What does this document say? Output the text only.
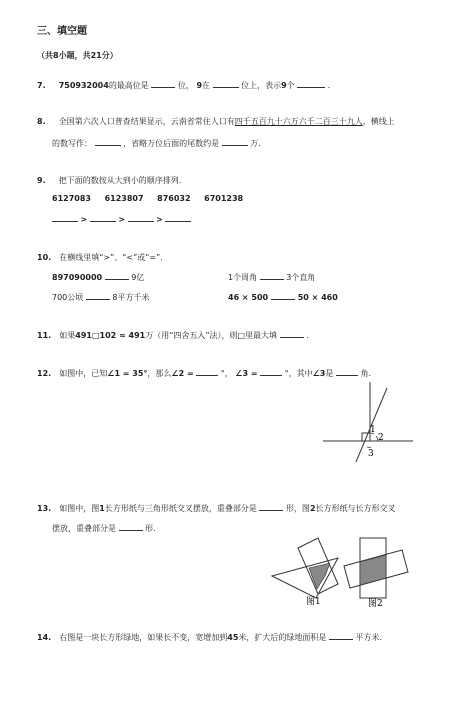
三、填空题
（共8小题，共21分）
7. 750932004的最高位是	位， 9在	位上，表示9个	．
8. 全国第六次人口普查结果显示，云南省常住人口有四千五百九十六万六千二百三十九人，横线上
的数写作：	，省略万位后面的尾数约是	万.
9. 把下面的数按从大到小的顺序排列.
6127083 6123807 876032 6701238
>	>	>
10. 在横线里填“>”、“<”或“=”.
897090000	9亿	1个周角	3个直角
700公顷	8平方千米	46 × 500	50 × 460
11. 如果491□102 ≈ 491万（用“四舍五入”法），则□里最大填	.
12. 如图中，已知∠1 = 35°，那么∠2 =	°， ∠3 =	°，其中∠3是	角.
1
2
3
13. 如图中，图1长方形纸与三角形纸交叉摆放，重叠部分是	形，图2长方形纸与长方形交叉
摆放，重叠部分是	形.
图1	图2
14. 右图是一块长方形绿地，如果长不变，宽增加到45米，扩大后的绿地面积是	平方米.
